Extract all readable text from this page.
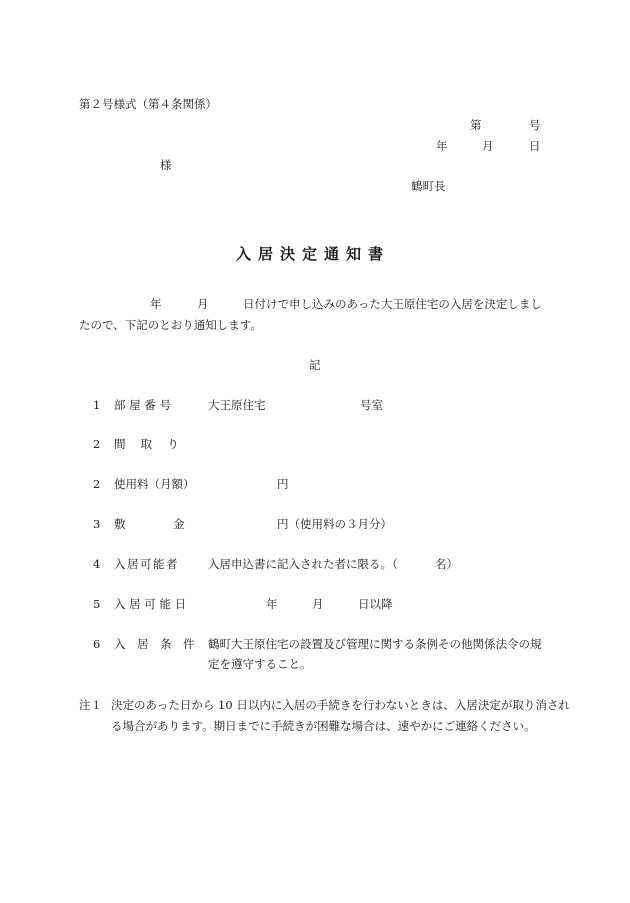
第２号様式（第４条関係）
第	号
年	月	日
様
鶴町長
入居決定通知書
年	月	日付けで申し込みのあった大王原住宅の入居を決定しまし
たので、下記のとおり通知します。
記
1 部 屋 番 号	大王原住宅	号室
2 間　 取　 り
2 使用料（月額）	円
3 敷	金	円（使用料の３月分）
4 入居可能者	入居申込書に記入された者に限る。（	名）
5 入 居 可 能 日	年	月	日以降
6 入　居　条　件 鶴町大王原住宅の設置及び管理に関する条例その他関係法令の規
定を遵守すること。
注１ 決定のあった日から 10 日以内に入居の手続きを行わないときは、入居決定が取り消され
る場合があります。期日までに手続きが困難な場合は、速やかにご連絡ください。
